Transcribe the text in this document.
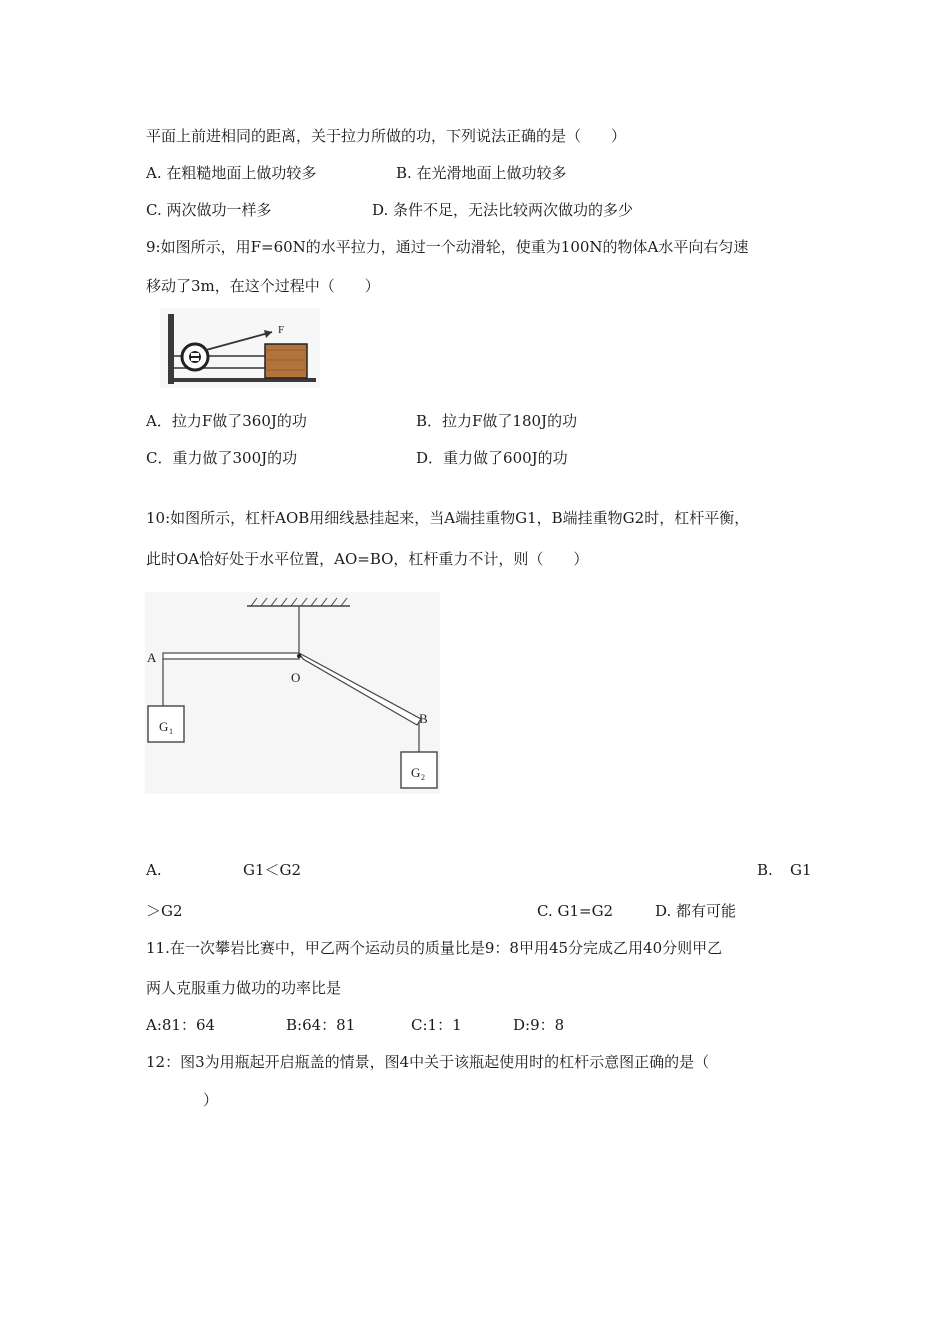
平面上前进相同的距离，关于拉力所做的功，下列说法正确的是（　　）
A. 在粗糙地面上做功较多	B. 在光滑地面上做功较多
C. 两次做功一样多	D. 条件不足，无法比较两次做功的多少
9:如图所示，用F=60N的水平拉力，通过一个动滑轮，使重为100N的物体A水平向右匀速
移动了3m，在这个过程中（　　）
F
A．拉力F做了360J的功	B．拉力F做了180J的功
C．重力做了300J的功	D．重力做了600J的功
10:如图所示，杠杆AOB用细线悬挂起来，当A端挂重物G1，B端挂重物G2时，杠杆平衡，
此时OA恰好处于水平位置，AO=BO，杠杆重力不计，则（　　）
A
O
B
G 1
G 2
A.	G1＜G2	B. G1
＞G2	C. G1=G2	D. 都有可能
11.在一次攀岩比赛中，甲乙两个运动员的质量比是9：8甲用45分完成乙用40分则甲乙
两人克服重力做功的功率比是
A:81：64	B:64：81	C:1：1	D:9：8
12：图3为用瓶起开启瓶盖的情景，图4中关于该瓶起使用时的杠杆示意图正确的是（
）
